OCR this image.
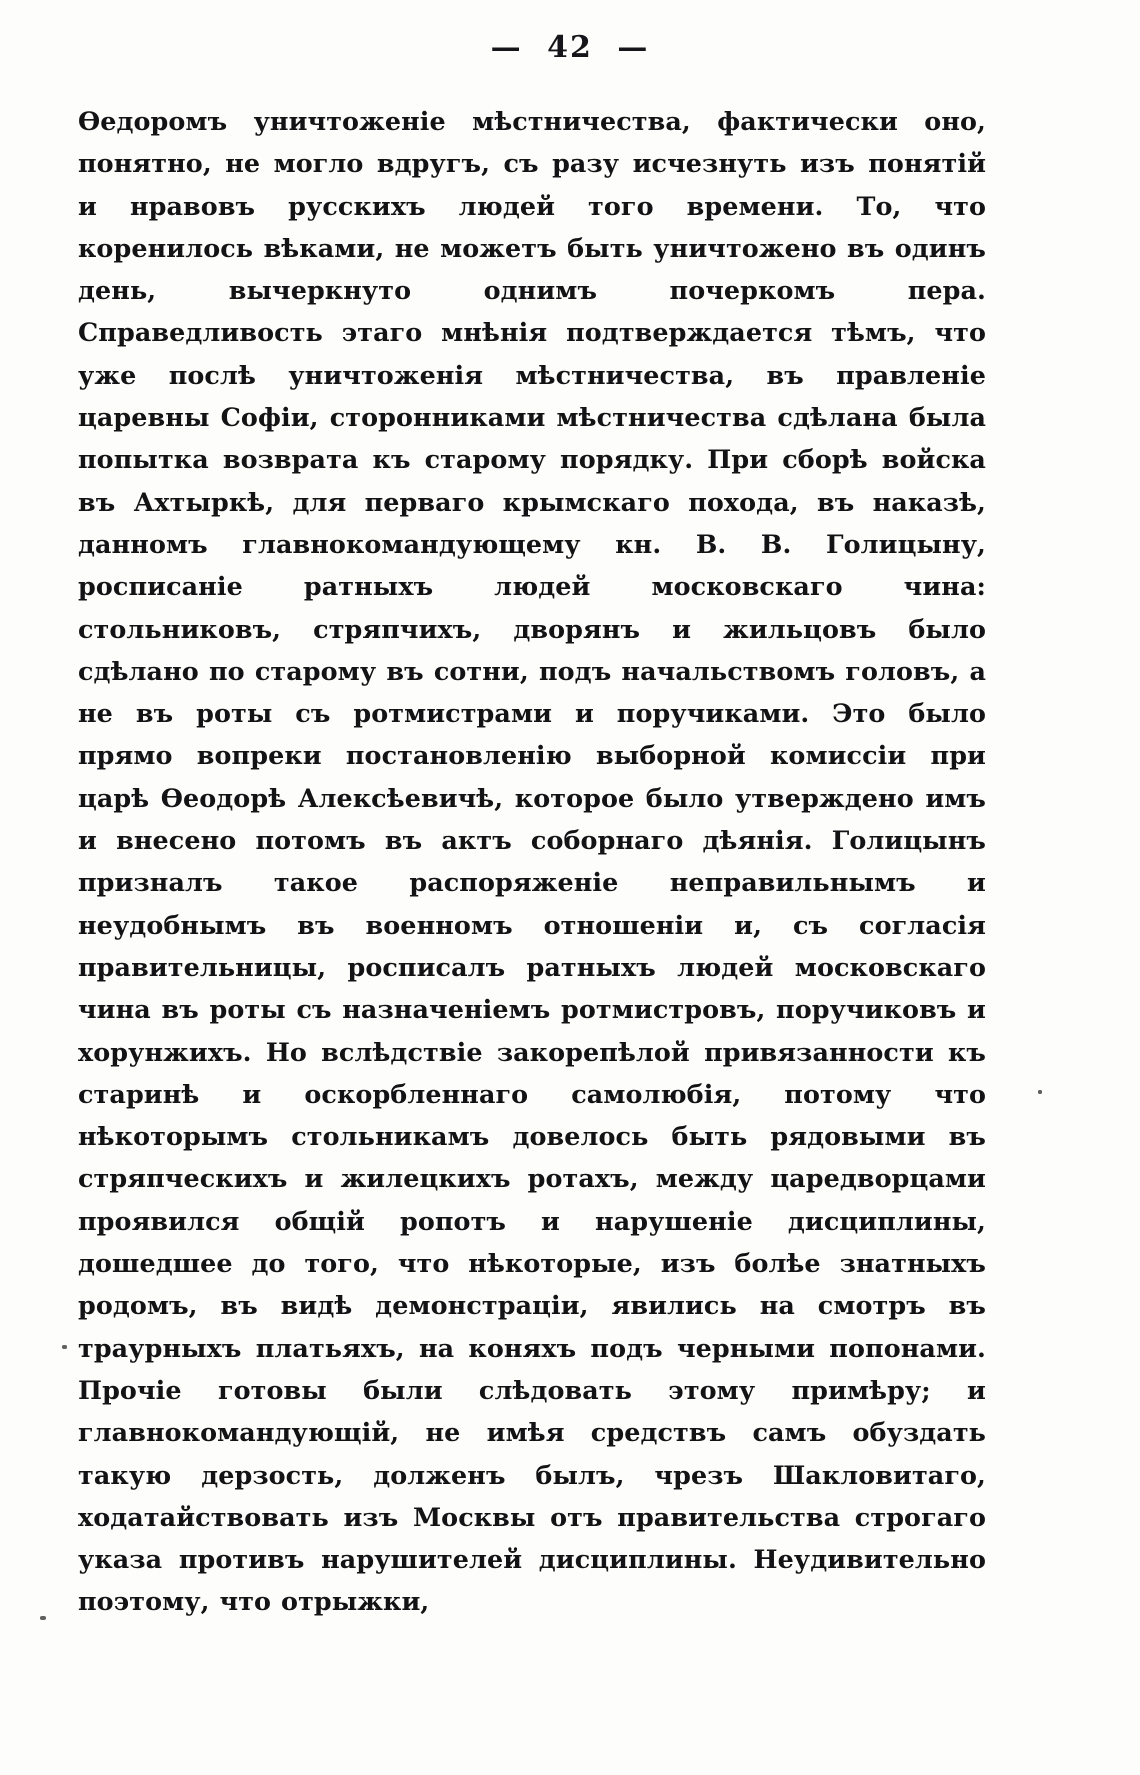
— 42 —

Ѳедоромъ уничтоженіе мѣстничества, фактически оно, понятно, не могло вдругъ, съ разу исчезнуть изъ понятій и нравовъ русскихъ людей того времени. То, что коренилось вѣками, не можетъ быть уничтожено въ одинъ день, вычеркнуто однимъ почеркомъ пера. Справедливость этаго мнѣнія подтверждается тѣмъ, что уже послѣ уничтоженія мѣстничества, въ правленіе царевны Софіи, сторонниками мѣстничества сдѣлана была попытка возврата къ старому порядку. При сборѣ войска въ Ахтыркѣ, для перваго крымскаго похода, въ наказѣ, данномъ главнокомандующему кн. В. В. Голицыну, росписаніе ратныхъ людей московскаго чина: стольниковъ, стряпчихъ, дворянъ и жильцовъ было сдѣлано по старому въ сотни, подъ начальствомъ головъ, а не въ роты съ ротмистрами и поручиками. Это было прямо вопреки постановленію выборной комиссіи при царѣ Ѳеодорѣ Алексѣевичѣ, которое было утверждено имъ и внесено потомъ въ актъ соборнаго дѣянія. Голицынъ призналъ такое распоряженіе неправильнымъ и неудобнымъ въ военномъ отношеніи и, съ согласія правительницы, росписалъ ратныхъ людей московскаго чина въ роты съ назначеніемъ ротмистровъ, поручиковъ и хорунжихъ. Но вслѣдствіе закорепѣлой привязанности къ старинѣ и оскорбленнаго самолюбія, потому что нѣкоторымъ стольникамъ довелось быть рядовыми въ стряпческихъ и жилецкихъ ротахъ, между царедворцами проявился общій ропотъ и нарушеніе дисциплины, дошедшее до того, что нѣкоторые, изъ болѣе знатныхъ родомъ, въ видѣ демонстраціи, явились на смотръ въ траурныхъ платьяхъ, на коняхъ подъ черными попонами. Прочіе готовы были слѣдовать этому примѣру; и главнокомандующій, не имѣя средствъ самъ обуздать такую дерзость, долженъ былъ, чрезъ Шакловитаго, ходатайствовать изъ Москвы отъ правительства строгаго указа противъ нарушителей дисциплины. Неудивительно поэтому, что отрыжки,
